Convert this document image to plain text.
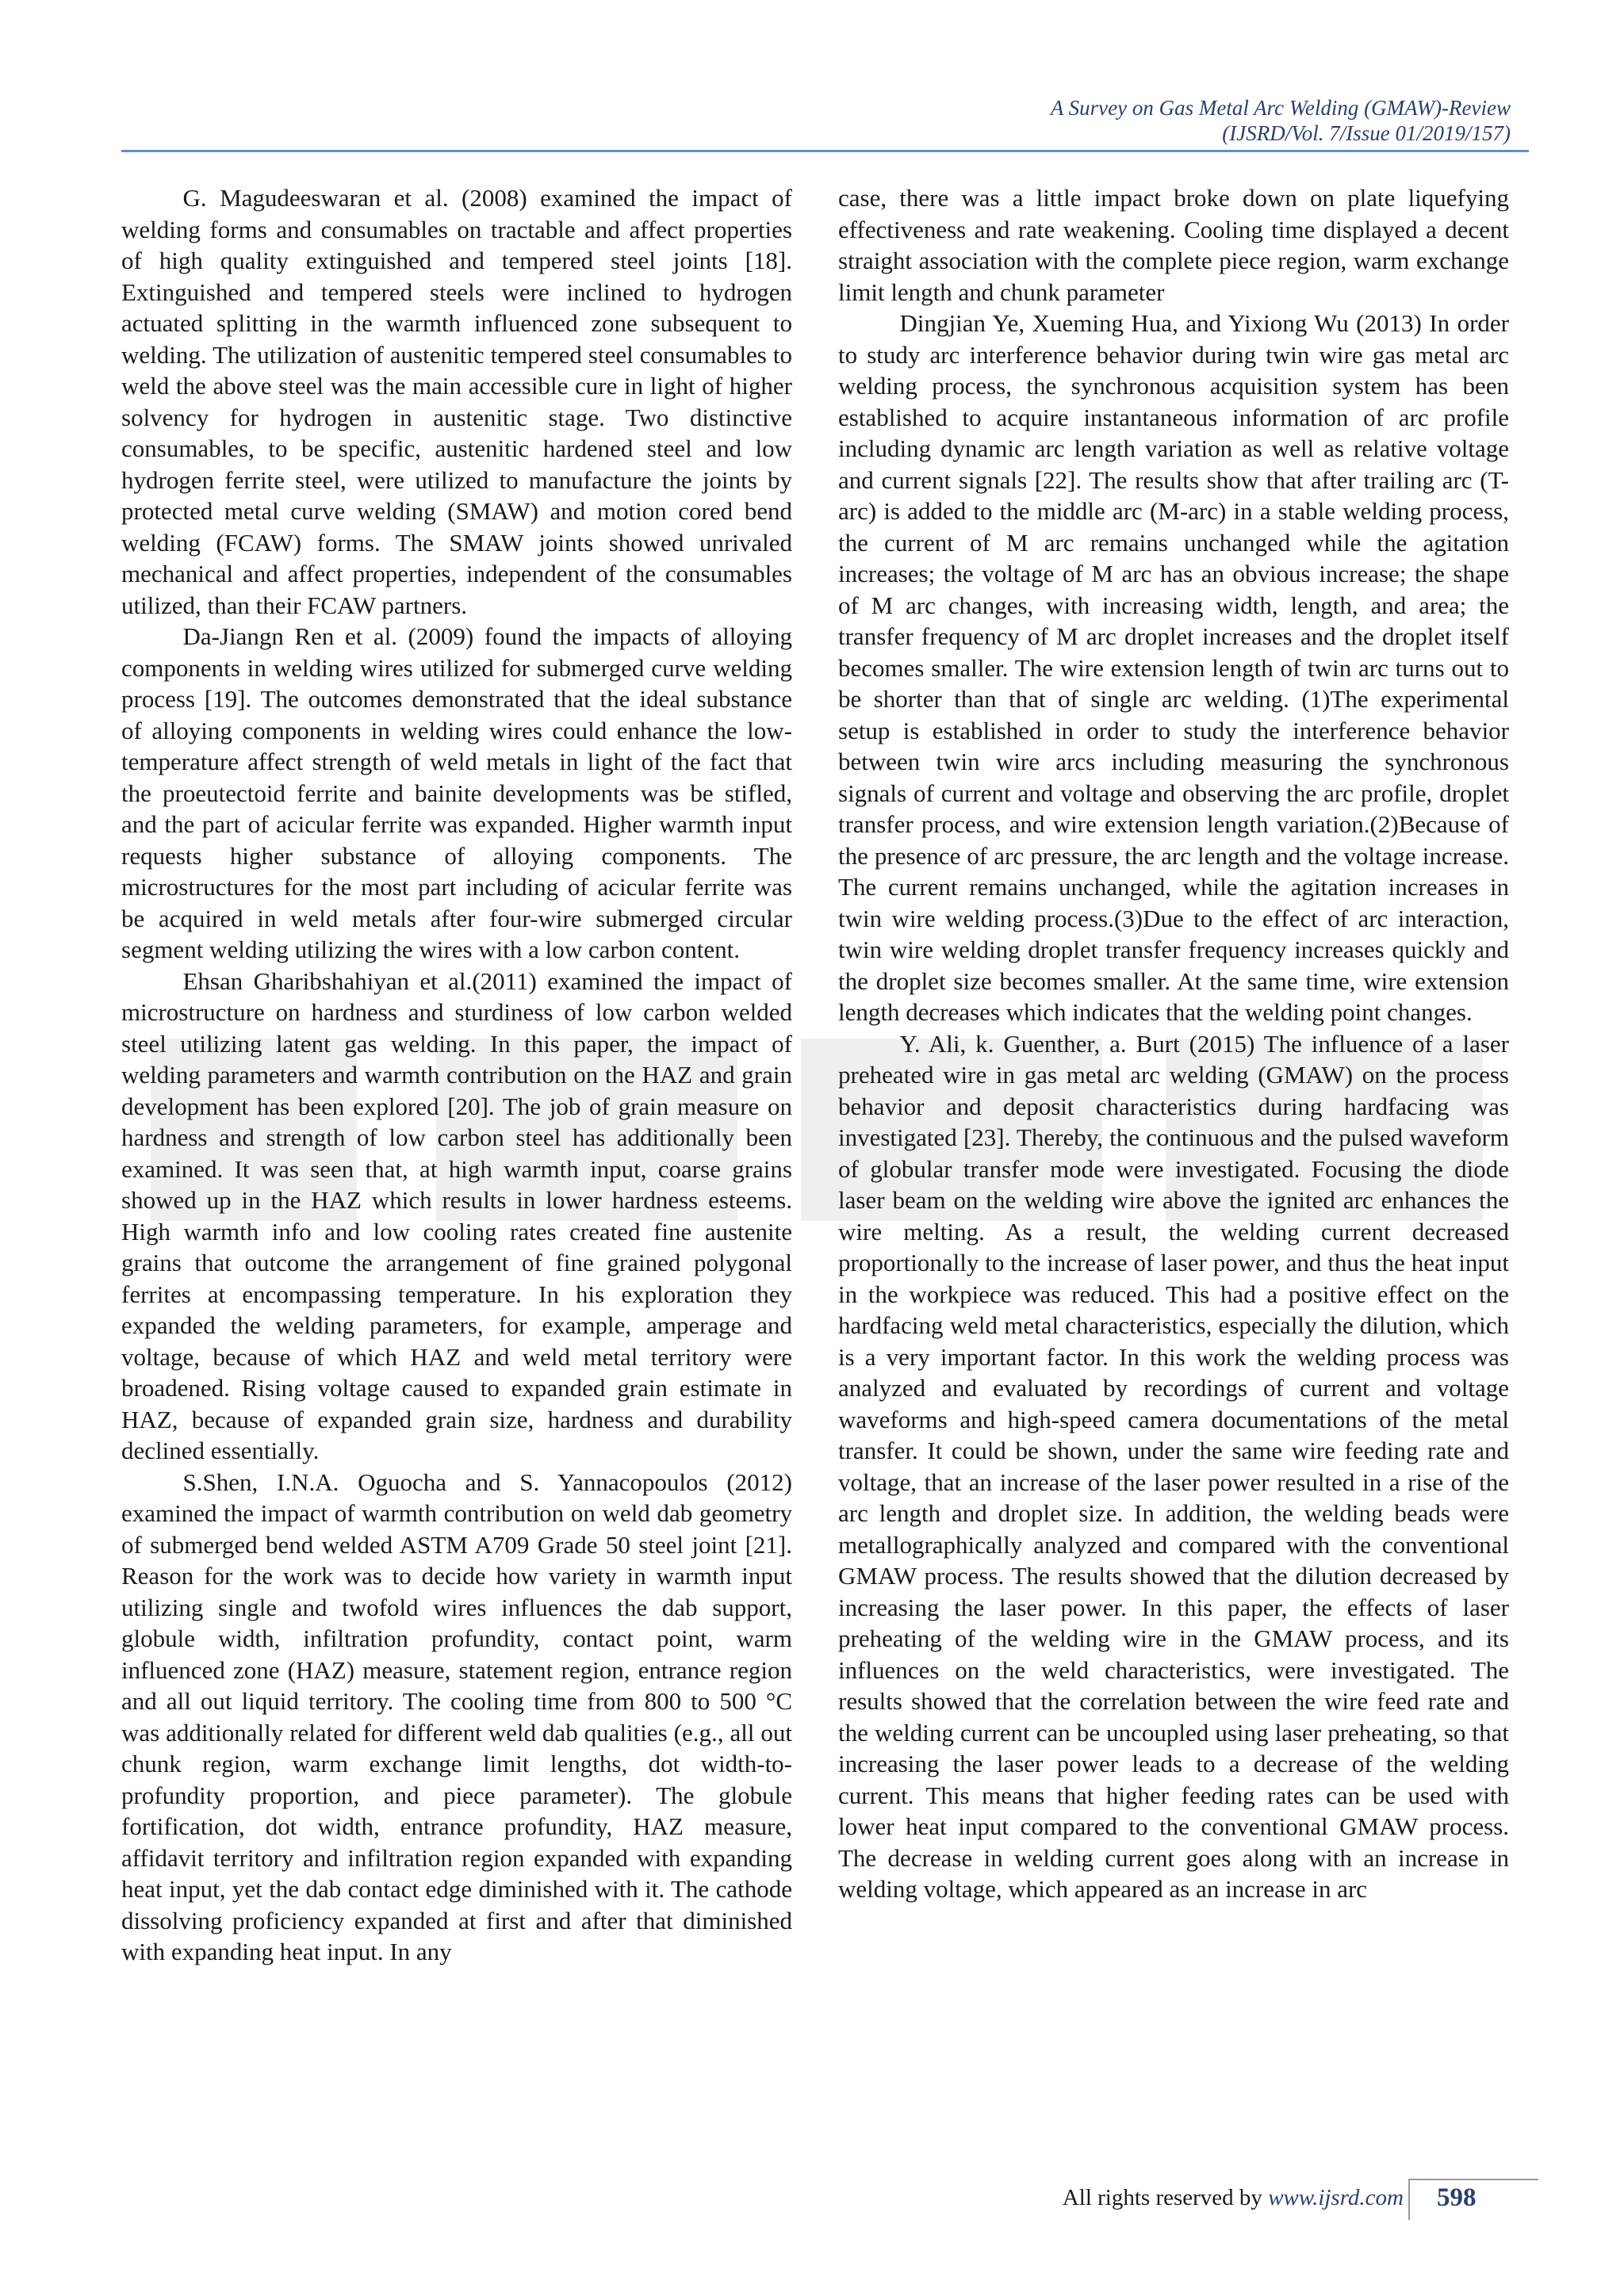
A Survey on Gas Metal Arc Welding (GMAW)-Review
(IJSRD/Vol. 7/Issue 01/2019/157)

G. Magudeeswaran et al. (2008) examined the impact of welding forms and consumables on tractable and affect properties of high quality extinguished and tempered steel joints [18]. Extinguished and tempered steels were inclined to hydrogen actuated splitting in the warmth influenced zone subsequent to welding. The utilization of austenitic tempered steel consumables to weld the above steel was the main accessible cure in light of higher solvency for hydrogen in austenitic stage. Two distinctive consumables, to be specific, austenitic hardened steel and low hydrogen ferrite steel, were utilized to manufacture the joints by protected metal curve welding (SMAW) and motion cored bend welding (FCAW) forms. The SMAW joints showed unrivaled mechanical and affect properties, independent of the consumables utilized, than their FCAW partners.

Da-Jiangn Ren et al. (2009) found the impacts of alloying components in welding wires utilized for submerged curve welding process [19]. The outcomes demonstrated that the ideal substance of alloying components in welding wires could enhance the low-temperature affect strength of weld metals in light of the fact that the proeutectoid ferrite and bainite developments was be stifled, and the part of acicular ferrite was expanded. Higher warmth input requests higher substance of alloying components. The microstructures for the most part including of acicular ferrite was be acquired in weld metals after four-wire submerged circular segment welding utilizing the wires with a low carbon content.

Ehsan Gharibshahiyan et al.(2011) examined the impact of microstructure on hardness and sturdiness of low carbon welded steel utilizing latent gas welding. In this paper, the impact of welding parameters and warmth contribution on the HAZ and grain development has been explored [20]. The job of grain measure on hardness and strength of low carbon steel has additionally been examined. It was seen that, at high warmth input, coarse grains showed up in the HAZ which results in lower hardness esteems. High warmth info and low cooling rates created fine austenite grains that outcome the arrangement of fine grained polygonal ferrites at encompassing temperature. In his exploration they expanded the welding parameters, for example, amperage and voltage, because of which HAZ and weld metal territory were broadened. Rising voltage caused to expanded grain estimate in HAZ, because of expanded grain size, hardness and durability declined essentially.

S.Shen, I.N.A. Oguocha and S. Yannacopoulos (2012) examined the impact of warmth contribution on weld dab geometry of submerged bend welded ASTM A709 Grade 50 steel joint [21]. Reason for the work was to decide how variety in warmth input utilizing single and twofold wires influences the dab support, globule width, infiltration profundity, contact point, warm influenced zone (HAZ) measure, statement region, entrance region and all out liquid territory. The cooling time from 800 to 500 °C was additionally related for different weld dab qualities (e.g., all out chunk region, warm exchange limit lengths, dot width-to-profundity proportion, and piece parameter). The globule fortification, dot width, entrance profundity, HAZ measure, affidavit territory and infiltration region expanded with expanding heat input, yet the dab contact edge diminished with it. The cathode dissolving proficiency expanded at first and after that diminished with expanding heat input. In any

case, there was a little impact broke down on plate liquefying effectiveness and rate weakening. Cooling time displayed a decent straight association with the complete piece region, warm exchange limit length and chunk parameter

Dingjian Ye, Xueming Hua, and Yixiong Wu (2013) In order to study arc interference behavior during twin wire gas metal arc welding process, the synchronous acquisition system has been established to acquire instantaneous information of arc profile including dynamic arc length variation as well as relative voltage and current signals [22]. The results show that after trailing arc (T-arc) is added to the middle arc (M-arc) in a stable welding process, the current of M arc remains unchanged while the agitation increases; the voltage of M arc has an obvious increase; the shape of M arc changes, with increasing width, length, and area; the transfer frequency of M arc droplet increases and the droplet itself becomes smaller. The wire extension length of twin arc turns out to be shorter than that of single arc welding. (1)The experimental setup is established in order to study the interference behavior between twin wire arcs including measuring the synchronous signals of current and voltage and observing the arc profile, droplet transfer process, and wire extension length variation.(2)Because of the presence of arc pressure, the arc length and the voltage increase. The current remains unchanged, while the agitation increases in twin wire welding process.(3)Due to the effect of arc interaction, twin wire welding droplet transfer frequency increases quickly and the droplet size becomes smaller. At the same time, wire extension length decreases which indicates that the welding point changes.

Y. Ali, k. Guenther, a. Burt (2015) The influence of a laser preheated wire in gas metal arc welding (GMAW) on the process behavior and deposit characteristics during hardfacing was investigated [23]. Thereby, the continuous and the pulsed waveform of globular transfer mode were investigated. Focusing the diode laser beam on the welding wire above the ignited arc enhances the wire melting. As a result, the welding current decreased proportionally to the increase of laser power, and thus the heat input in the workpiece was reduced. This had a positive effect on the hardfacing weld metal characteristics, especially the dilution, which is a very important factor. In this work the welding process was analyzed and evaluated by recordings of current and voltage waveforms and high-speed camera documentations of the metal transfer. It could be shown, under the same wire feeding rate and voltage, that an increase of the laser power resulted in a rise of the arc length and droplet size. In addition, the welding beads were metallographically analyzed and compared with the conventional GMAW process. The results showed that the dilution decreased by increasing the laser power. In this paper, the effects of laser preheating of the welding wire in the GMAW process, and its influences on the weld characteristics, were investigated. The results showed that the correlation between the wire feed rate and the welding current can be uncoupled using laser preheating, so that increasing the laser power leads to a decrease of the welding current. This means that higher feeding rates can be used with lower heat input compared to the conventional GMAW process. The decrease in welding current goes along with an increase in welding voltage, which appeared as an increase in arc

All rights reserved by www.ijsrd.com 598
